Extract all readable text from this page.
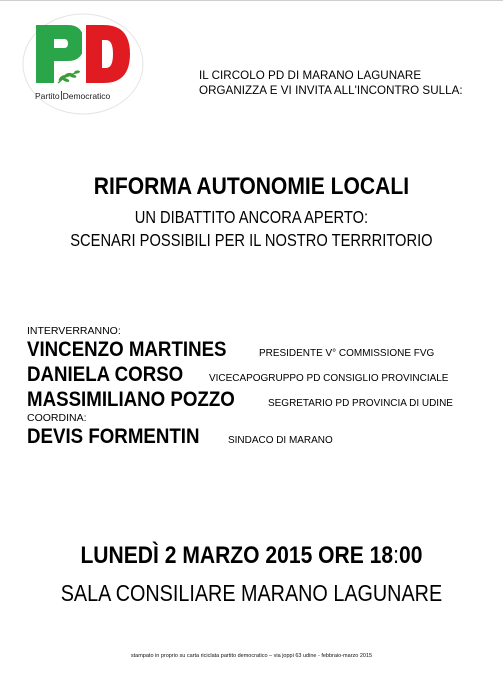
Partito Democratico
IL CIRCOLO PD DI MARANO LAGUNARE
ORGANIZZA E VI INVITA ALL'INCONTRO SULLA:
RIFORMA AUTONOMIE LOCALI
UN DIBATTITO ANCORA APERTO:
SCENARI POSSIBILI PER IL NOSTRO TERRRITORIO
INTERVERRANNO:
VINCENZO MARTINES	PRESIDENTE V° COMMISSIONE FVG
DANIELA CORSO VICECAPOGRUPPO PD CONSIGLIO PROVINCIALE
MASSIMILIANO POZZO	SEGRETARIO PD PROVINCIA DI UDINE
COORDINA:
DEVIS FORMENTIN	SINDACO DI MARANO
LUNEDÌ 2 MARZO 2015 ORE 18:00
SALA CONSILIARE MARANO LAGUNARE
stampato in proprio su carta riciclata partito democratico – via joppi 63 udine - febbraio-marzo 2015
